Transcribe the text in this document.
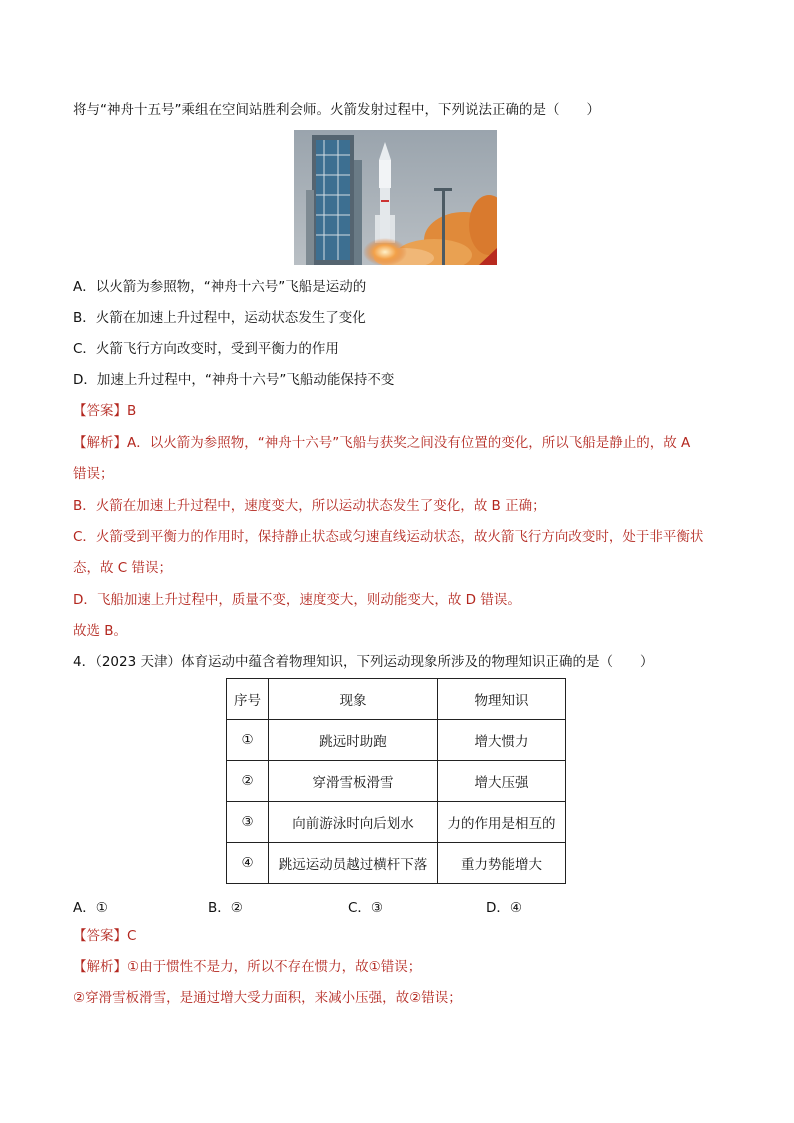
将与“神舟十五号”乘组在空间站胜利会师。火箭发射过程中，下列说法正确的是（　　）
A．以火箭为参照物，“神舟十六号”飞船是运动的
B．火箭在加速上升过程中，运动状态发生了变化
C．火箭飞行方向改变时，受到平衡力的作用
D．加速上升过程中，“神舟十六号”飞船动能保持不变
【答案】B
【解析】A．以火箭为参照物，“神舟十六号”飞船与获奖之间没有位置的变化，所以飞船是静止的，故 A
错误；
B．火箭在加速上升过程中，速度变大，所以运动状态发生了变化，故 B 正确；
C．火箭受到平衡力的作用时，保持静止状态或匀速直线运动状态，故火箭飞行方向改变时，处于非平衡状
态，故 C 错误；
D．飞船加速上升过程中，质量不变，速度变大，则动能变大，故 D 错误。
故选 B。
4．（2023 天津）体育运动中蕴含着物理知识，下列运动现象所涉及的物理知识正确的是（　　）
序号	现象	物理知识
①	跳远时助跑	增大惯力
②	穿滑雪板滑雪	增大压强
③	向前游泳时向后划水	力的作用是相互的
④	跳远运动员越过横杆下落	重力势能增大
A．①	B．②	C．③	D．④
【答案】C
【解析】①由于惯性不是力，所以不存在惯力，故①错误；
②穿滑雪板滑雪，是通过增大受力面积，来减小压强，故②错误；
